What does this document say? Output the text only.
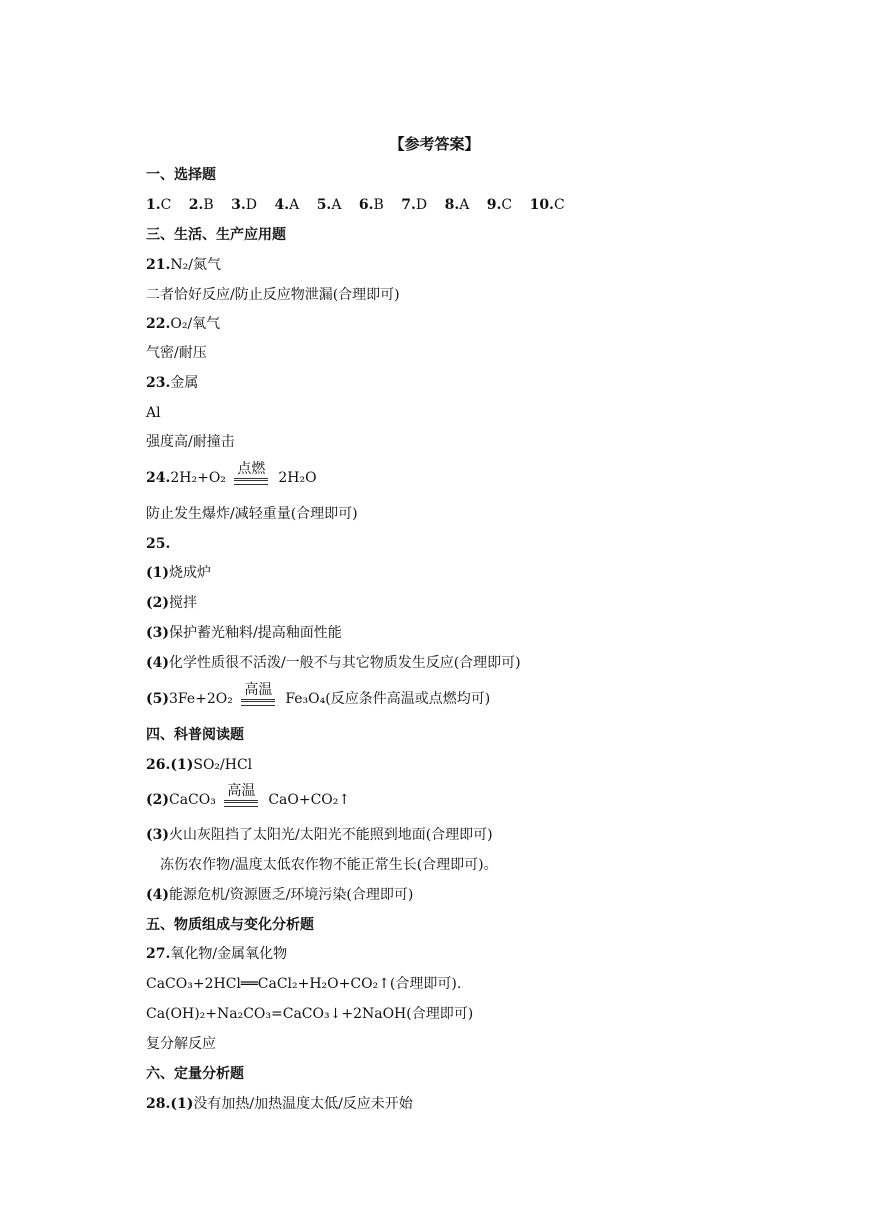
【参考答案】
一、选择题
1.C 2.B 3.D 4.A 5.A 6.B 7.D 8.A 9.C 10.C
三、生活、生产应用题
21.N₂/氮气
二者恰好反应/防止反应物泄漏(合理即可)
22.O₂/氧气
气密/耐压
23.金属
Al
强度高/耐撞击
24.2H₂+O₂
点燃
2H₂O
防止发生爆炸/减轻重量(合理即可)
25.
(1)烧成炉
(2)搅拌
(3)保护蓄光釉料/提高釉面性能
(4)化学性质很不活泼/一般不与其它物质发生反应(合理即可)
(5)3Fe+2O₂
高温
Fe₃O₄(反应条件高温或点燃均可)
四、科普阅读题
26.(1)SO₂/HCl
(2)CaCO₃
高温
CaO+CO₂↑
(3)火山灰阻挡了太阳光/太阳光不能照到地面(合理即可)
冻伤农作物/温度太低农作物不能正常生长(合理即可)。
(4)能源危机/资源匮乏/环境污染(合理即可)
五、物质组成与变化分析题
27.氧化物/金属氧化物
CaCO₃+2HCl══CaCl₂+H₂O+CO₂↑(合理即可).
Ca(OH)₂+Na₂CO₃=CaCO₃↓+2NaOH(合理即可)
复分解反应
六、定量分析题
28.(1)没有加热/加热温度太低/反应未开始
